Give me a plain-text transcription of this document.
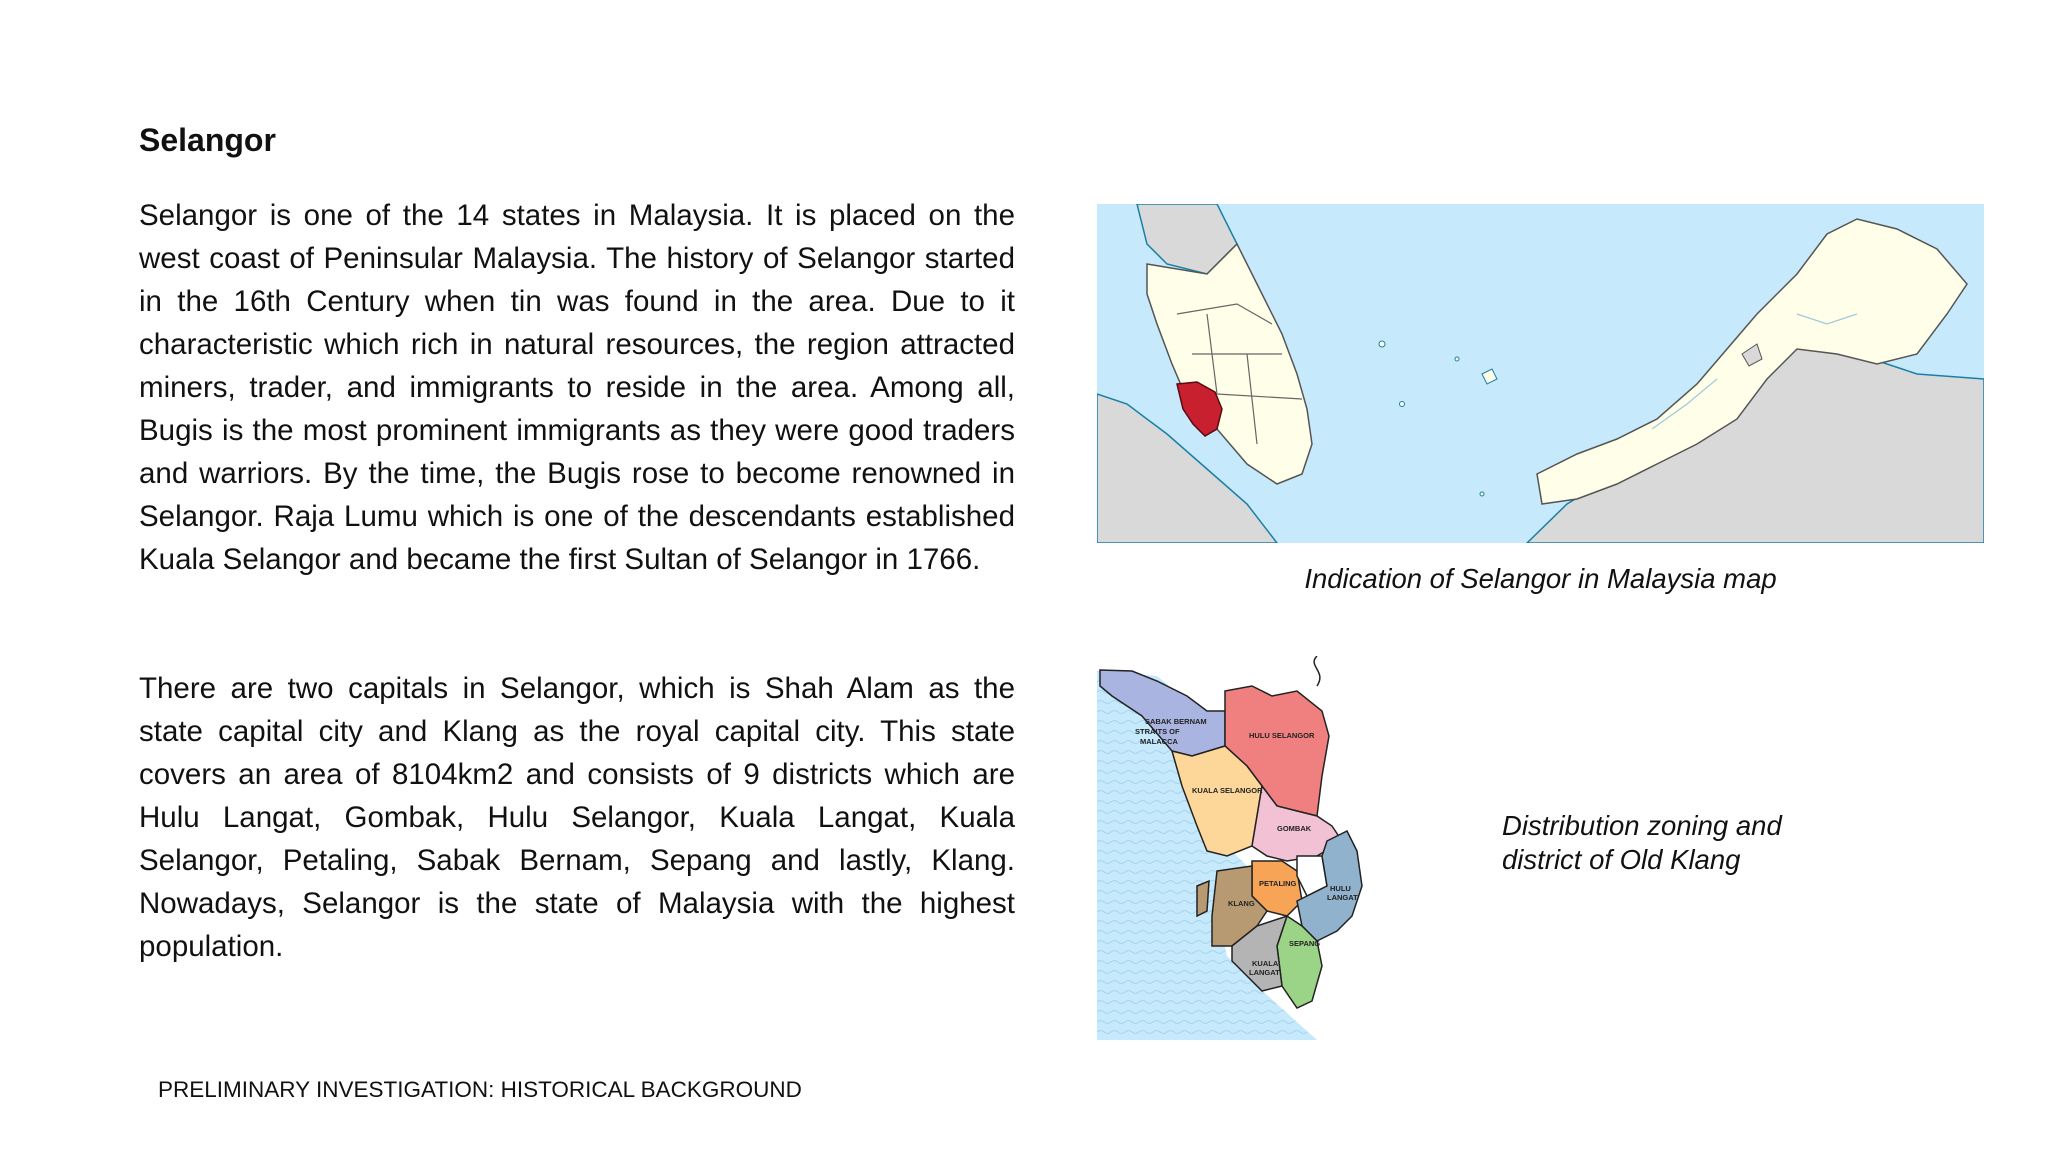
Selangor

Selangor is one of the 14 states in Malaysia. It is placed on the west coast of Peninsular Malaysia. The history of Selangor started in the 16th Century when tin was found in the area. Due to it characteristic which rich in natural resources, the region attracted miners, trader, and immigrants to reside in the area. Among all, Bugis is the most prominent immigrants as they were good traders and warriors. By the time, the Bugis rose to become renowned in Selangor. Raja Lumu which is one of the descendants established Kuala Selangor and became the first Sultan of Selangor in 1766.

There are two capitals in Selangor, which is Shah Alam as the state capital city and Klang as the royal capital city. This state covers an area of 8104km2 and consists of 9 districts which are Hulu Langat, Gombak, Hulu Selangor, Kuala Langat, Kuala Selangor, Petaling, Sabak Bernam, Sepang and lastly, Klang. Nowadays, Selangor is the state of Malaysia with the highest population.

Indication of Selangor in Malaysia map

STRAITS OF
MALACCA
SABAK BERNAM
HULU SELANGOR
KUALA SELANGOR
GOMBAK
PETALING
KLANG
HULU
LANGAT
SEPANG
KUALA
LANGAT

Distribution zoning and district of Old Klang

PRELIMINARY INVESTIGATION: HISTORICAL BACKGROUND
